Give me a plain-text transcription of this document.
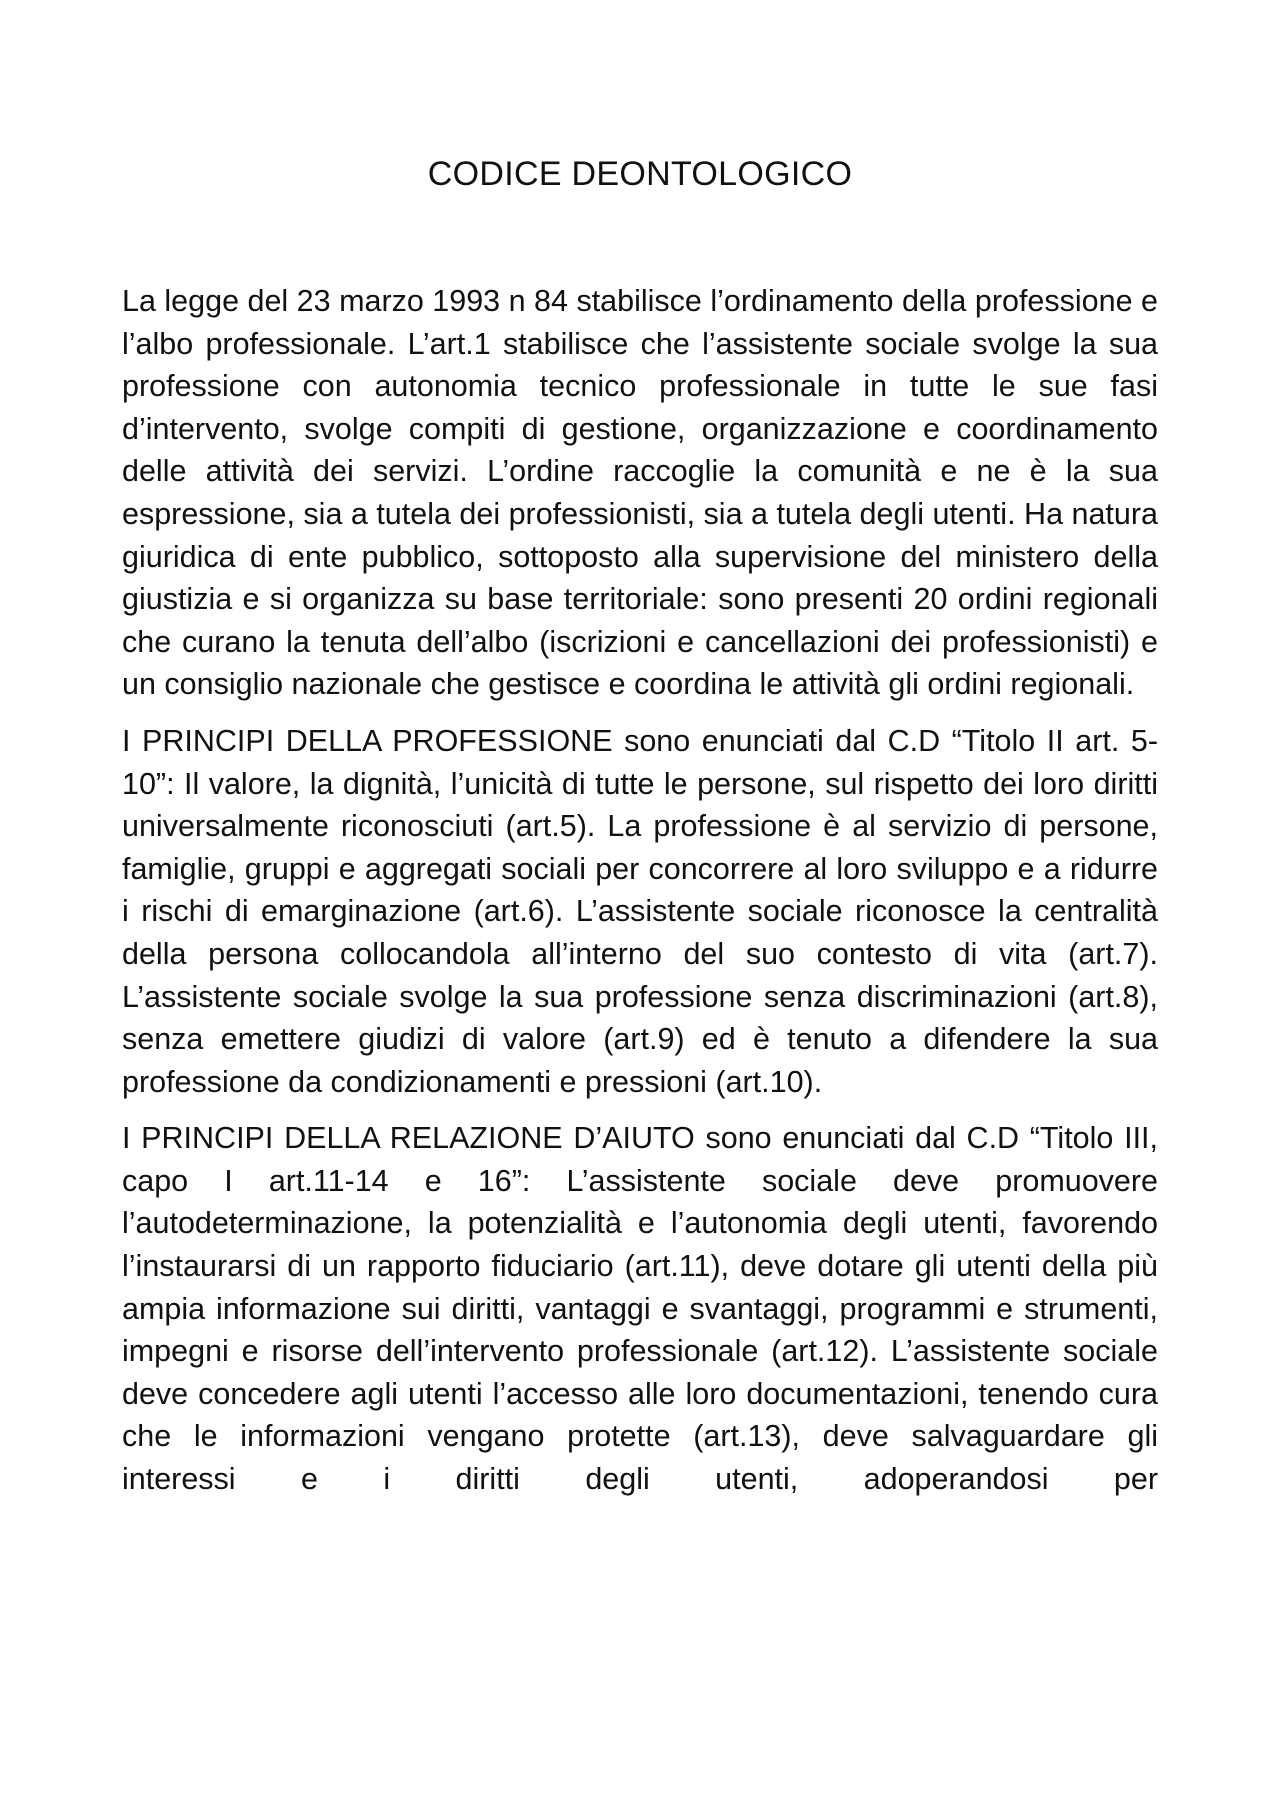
CODICE DEONTOLOGICO

La legge del 23 marzo 1993 n 84 stabilisce l’ordinamento della professione e l’albo professionale. L’art.1 stabilisce che l’assistente sociale svolge la sua professione con autonomia tecnico professionale in tutte le sue fasi d’intervento, svolge compiti di gestione, organizzazione e coordinamento delle attività dei servizi. L’ordine raccoglie la comunità e ne è la sua espressione, sia a tutela dei professionisti, sia a tutela degli utenti. Ha natura giuridica di ente pubblico, sottoposto alla supervisione del ministero della giustizia e si organizza su base territoriale: sono presenti 20 ordini regionali che curano la tenuta dell’albo (iscrizioni e cancellazioni dei professionisti) e un consiglio nazionale che gestisce e coordina le attività gli ordini regionali.

I PRINCIPI DELLA PROFESSIONE sono enunciati dal C.D “Titolo II art. 5-10”: Il valore, la dignità, l’unicità di tutte le persone, sul rispetto dei loro diritti universalmente riconosciuti (art.5). La professione è al servizio di persone, famiglie, gruppi e aggregati sociali per concorrere al loro sviluppo e a ridurre i rischi di emarginazione (art.6). L’assistente sociale riconosce la centralità della persona collocandola all’interno del suo contesto di vita (art.7). L’assistente sociale svolge la sua professione senza discriminazioni (art.8), senza emettere giudizi di valore (art.9) ed è tenuto a difendere la sua professione da condizionamenti e pressioni (art.10).

I PRINCIPI DELLA RELAZIONE D’AIUTO sono enunciati dal C.D “Titolo III, capo I art.11-14 e 16”: L’assistente sociale deve promuovere l’autodeterminazione, la potenzialità e l’autonomia degli utenti, favorendo l’instaurarsi di un rapporto fiduciario (art.11), deve dotare gli utenti della più ampia informazione sui diritti, vantaggi e svantaggi, programmi e strumenti, impegni e risorse dell’intervento professionale (art.12). L’assistente sociale deve concedere agli utenti l’accesso alle loro documentazioni, tenendo cura che le informazioni vengano protette (art.13), deve salvaguardare gli interessi e i diritti degli utenti, adoperandosi per
